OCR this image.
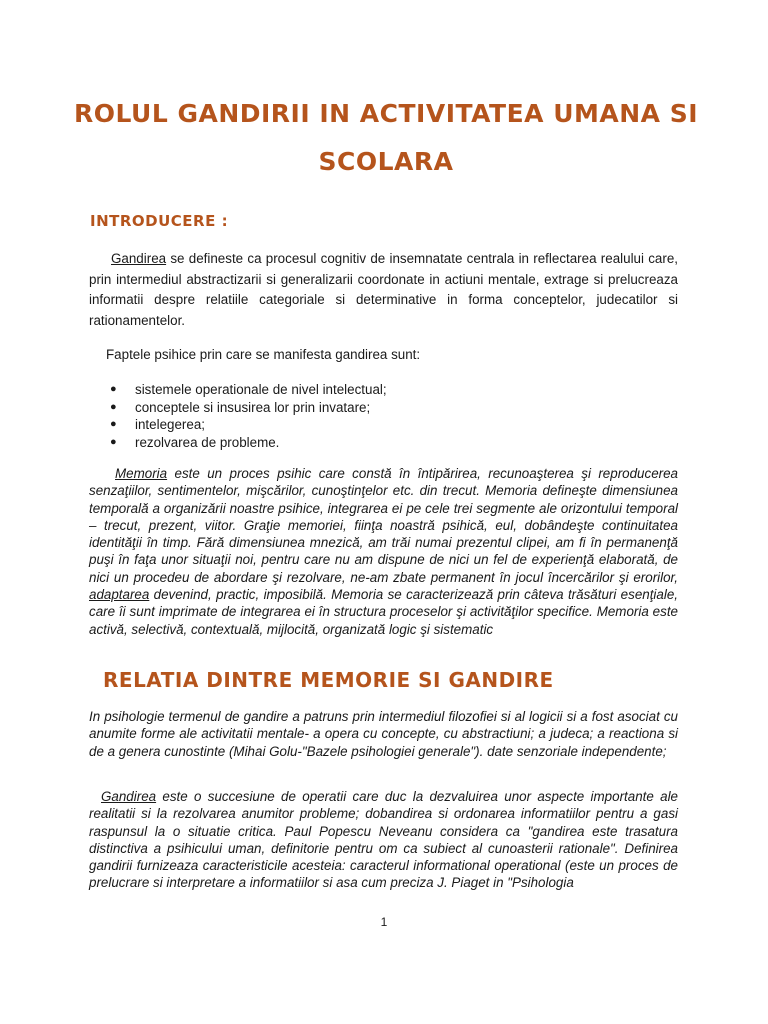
ROLUL GANDIRII IN ACTIVITATEA UMANA SI SCOLARA
INTRODUCERE :
Gandirea se defineste ca procesul cognitiv de insemnatate centrala in reflectarea realului care, prin intermediul abstractizarii si generalizarii coordonate in actiuni mentale, extrage si prelucreaza informatii despre relatiile categoriale si determinative in forma conceptelor, judecatilor si rationamentelor.
Faptele psihice prin care se manifesta gandirea sunt:
● sistemele operationale de nivel intelectual;
● conceptele si insusirea lor prin invatare;
● intelegerea;
● rezolvarea de probleme.
Memoria este un proces psihic care constă în întipărirea, recunoaşterea şi reproducerea senzaţiilor, sentimentelor, mişcărilor, cunoştinţelor etc. din trecut. Memoria defineşte dimensiunea temporală a organizării noastre psihice, integrarea ei pe cele trei segmente ale orizontului temporal – trecut, prezent, viitor. Graţie memoriei, fiinţa noastră psihică, eul, dobândeşte continuitatea identităţii în timp. Fără dimensiunea mnezică, am trăi numai prezentul clipei, am fi în permanenţă puşi în faţa unor situaţii noi, pentru care nu am dispune de nici un fel de experienţă elaborată, de nici un procedeu de abordare şi rezolvare, ne-am zbate permanent în jocul încercărilor şi erorilor, adaptarea devenind, practic, imposibilă. Memoria se caracterizează prin câteva trăsături esenţiale, care îi sunt imprimate de integrarea ei în structura proceselor şi activităţilor specifice. Memoria este activă, selectivă, contextuală, mijlocită, organizată logic şi sistematic
RELATIA DINTRE MEMORIE SI GANDIRE
In psihologie termenul de gandire a patruns prin intermediul filozofiei si al logicii si a fost asociat cu anumite forme ale activitatii mentale- a opera cu concepte, cu abstractiuni; a judeca; a reactiona si de a genera cunostinte (Mihai Golu-"Bazele psihologiei generale"). date senzoriale independente;
Gandirea este o succesiune de operatii care duc la dezvaluirea unor aspecte importante ale realitatii si la rezolvarea anumitor probleme; dobandirea si ordonarea informatiilor pentru a gasi raspunsul la o situatie critica. Paul Popescu Neveanu considera ca "gandirea este trasatura distinctiva a psihicului uman, definitorie pentru om ca subiect al cunoasterii rationale". Definirea gandirii furnizeaza caracteristicile acesteia: caracterul informational operational (este un proces de prelucrare si interpretare a informatiilor si asa cum preciza J. Piaget in "Psihologia
1
